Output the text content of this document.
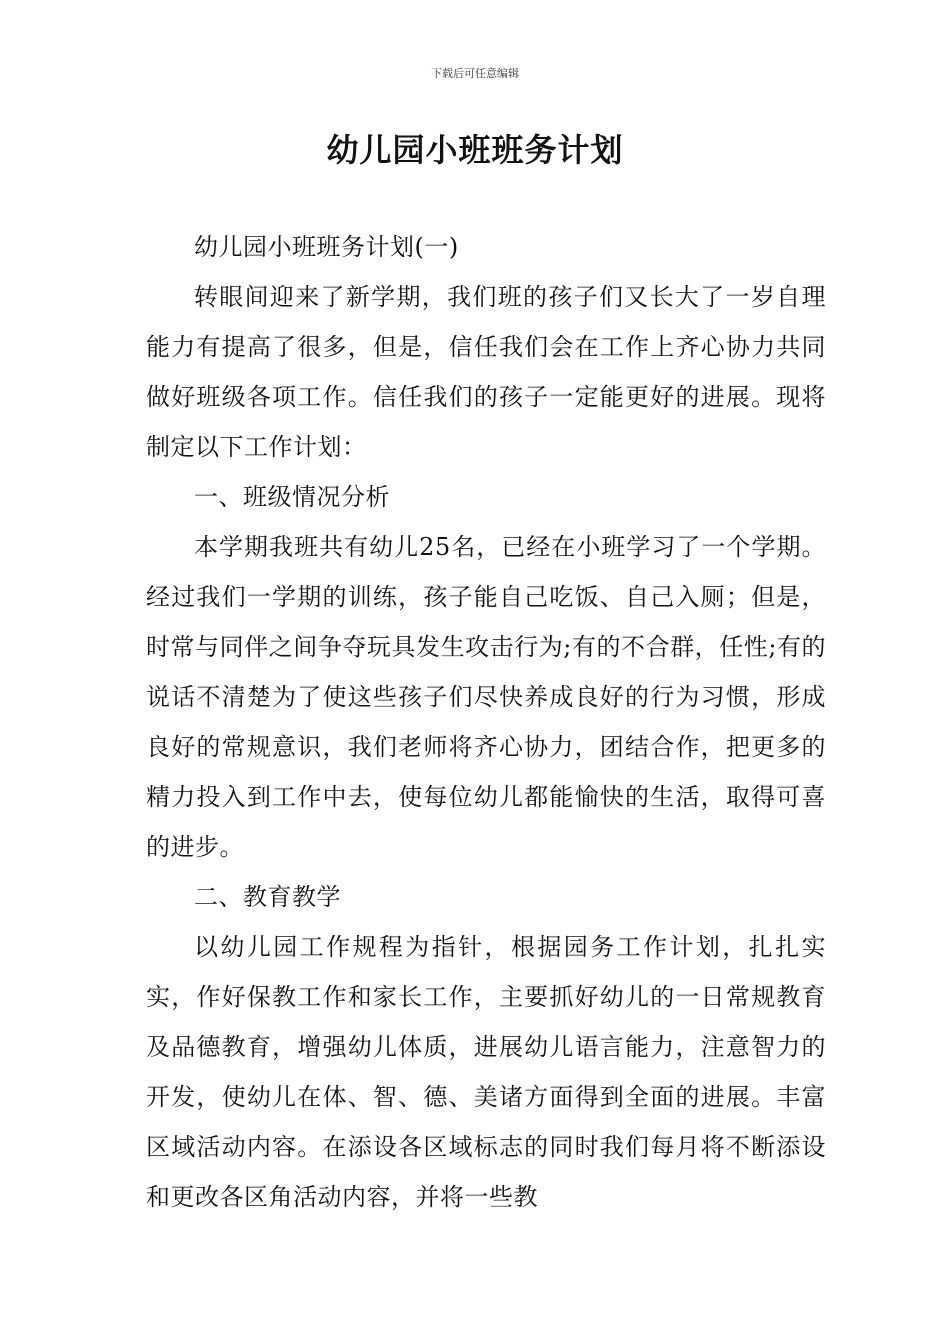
下载后可任意编辑
幼儿园小班班务计划

幼儿园小班班务计划(一)

转眼间迎来了新学期，我们班的孩子们又长大了一岁自理能力有提高了很多，但是，信任我们会在工作上齐心协力共同做好班级各项工作。信任我们的孩子一定能更好的进展。现将制定以下工作计划：

一、班级情况分析

本学期我班共有幼儿25名，已经在小班学习了一个学期。经过我们一学期的训练，孩子能自己吃饭、自己入厕；但是，时常与同伴之间争夺玩具发生攻击行为;有的不合群，任性;有的说话不清楚为了使这些孩子们尽快养成良好的行为习惯，形成良好的常规意识，我们老师将齐心协力，团结合作，把更多的精力投入到工作中去，使每位幼儿都能愉快的生活，取得可喜的进步。

二、教育教学

以幼儿园工作规程为指针，根据园务工作计划，扎扎实实，作好保教工作和家长工作，主要抓好幼儿的一日常规教育及品德教育，增强幼儿体质，进展幼儿语言能力，注意智力的开发，使幼儿在体、智、德、美诸方面得到全面的进展。丰富区域活动内容。在添设各区域标志的同时我们每月将不断添设和更改各区角活动内容，并将一些教
